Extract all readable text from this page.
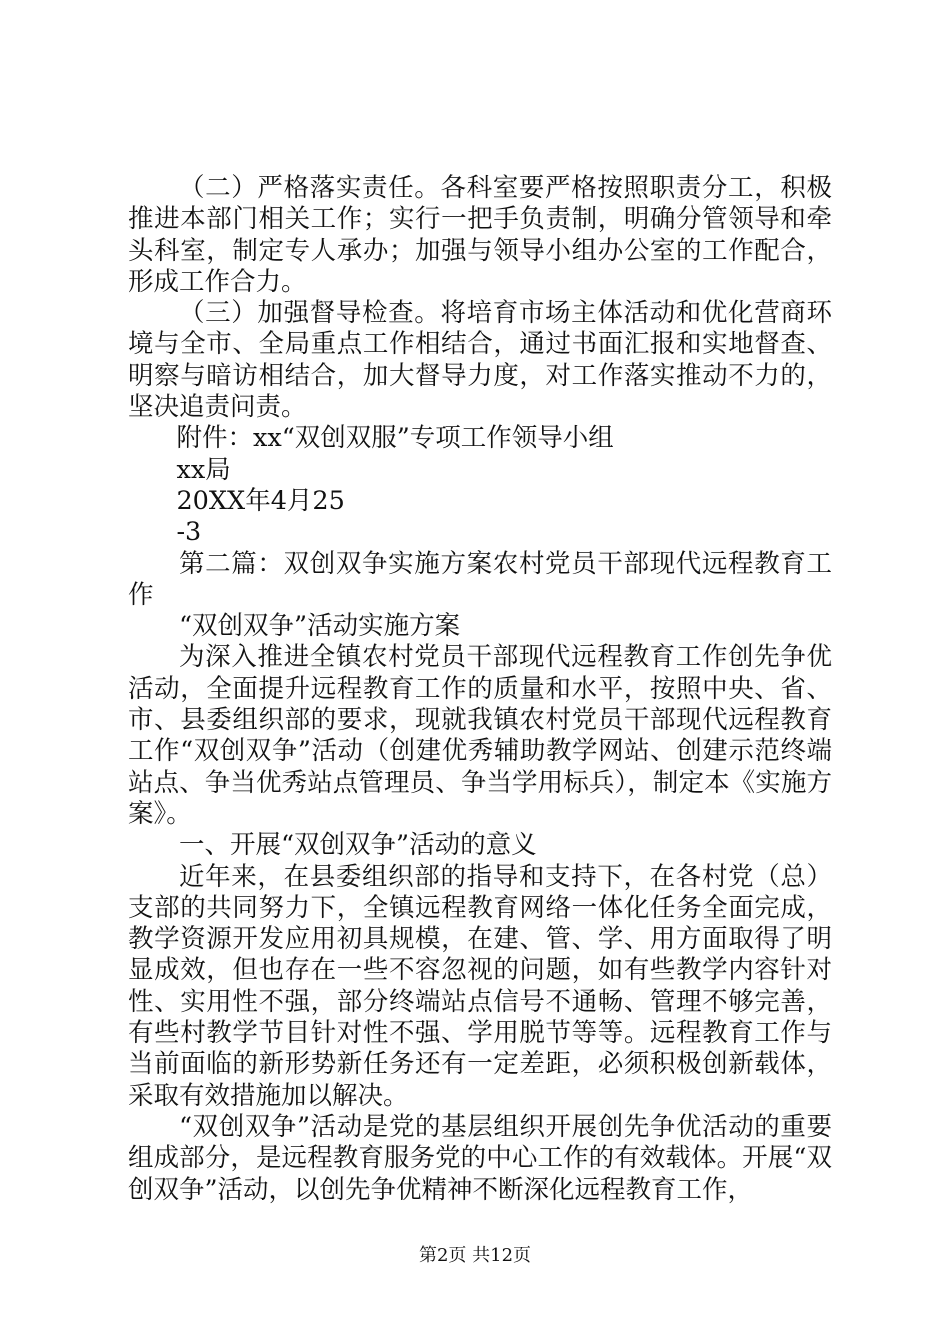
（二）严格落实责任。各科室要严格按照职责分工，积极推进本部门相关工作；实行一把手负责制，明确分管领导和牵头科室，制定专人承办；加强与领导小组办公室的工作配合，形成工作合力。

（三）加强督导检查。将培育市场主体活动和优化营商环境与全市、全局重点工作相结合，通过书面汇报和实地督查、明察与暗访相结合，加大督导力度，对工作落实推动不力的，坚决追责问责。

附件：xx“双创双服”专项工作领导小组

xx局

20XX年4月25

-3

第二篇：双创双争实施方案农村党员干部现代远程教育工作

“双创双争”活动实施方案

为深入推进全镇农村党员干部现代远程教育工作创先争优活动，全面提升远程教育工作的质量和水平，按照中央、省、市、县委组织部的要求，现就我镇农村党员干部现代远程教育工作“双创双争”活动（创建优秀辅助教学网站、创建示范终端站点、争当优秀站点管理员、争当学用标兵），制定本《实施方案》。

一、开展“双创双争”活动的意义

近年来，在县委组织部的指导和支持下，在各村党（总）支部的共同努力下，全镇远程教育网络一体化任务全面完成，教学资源开发应用初具规模，在建、管、学、用方面取得了明显成效，但也存在一些不容忽视的问题，如有些教学内容针对性、实用性不强，部分终端站点信号不通畅、管理不够完善，有些村教学节目针对性不强、学用脱节等等。远程教育工作与当前面临的新形势新任务还有一定差距，必须积极创新载体，采取有效措施加以解决。

“双创双争”活动是党的基层组织开展创先争优活动的重要组成部分，是远程教育服务党的中心工作的有效载体。开展“双创双争”活动，以创先争优精神不断深化远程教育工作，

第2页 共12页
